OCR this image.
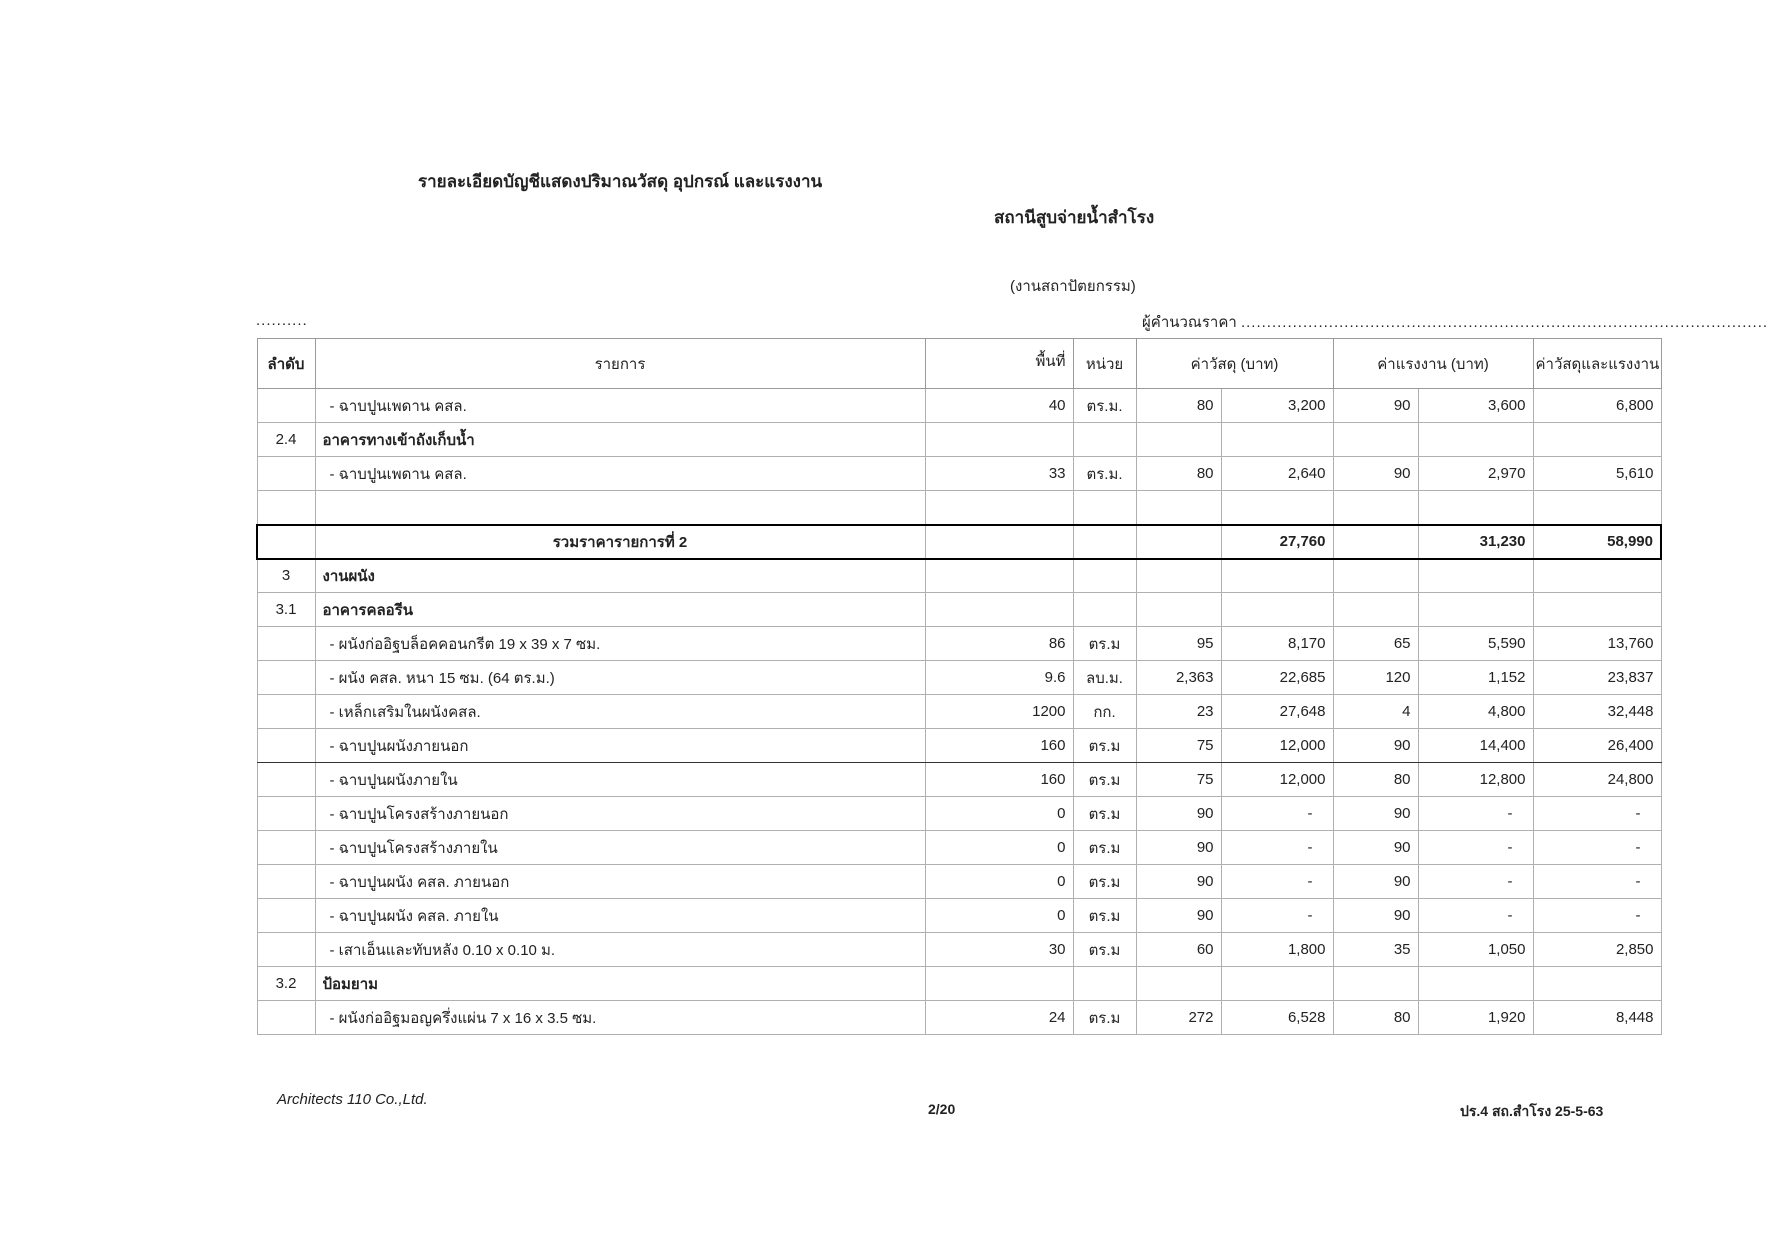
รายละเอียดบัญชีแสดงปริมาณวัสดุ อุปกรณ์ และแรงงาน
สถานีสูบจ่ายน้ำสำโรง
(งานสถาปัตยกรรม)
..........	ผู้คำนวณราคา ......................................................................................................
ลำดับ	รายการ	พื้นที่	หน่วย	ค่าวัสดุ (บาท)		ค่าแรงงาน (บาท)		ค่าวัสดุและแรงงาน
	- ฉาบปูนเพดาน คสล.	40	ตร.ม.	80	3,200	90	3,600	6,800
2.4	อาคารทางเข้าถังเก็บน้ำ							
	- ฉาบปูนเพดาน คสล.	33	ตร.ม.	80	2,640	90	2,970	5,610

	รวมราคารายการที่ 2				27,760		31,230	58,990
3	งานผนัง							
3.1	อาคารคลอรีน							
	- ผนังก่ออิฐบล็อคคอนกรีต 19 x 39 x 7 ซม.	86	ตร.ม	95	8,170	65	5,590	13,760
	- ผนัง คสล. หนา 15 ซม. (64 ตร.ม.)	9.6	ลบ.ม.	2,363	22,685	120	1,152	23,837
	- เหล็กเสริมในผนังคสล.	1200	กก.	23	27,648	4	4,800	32,448
	- ฉาบปูนผนังภายนอก	160	ตร.ม	75	12,000	90	14,400	26,400
	- ฉาบปูนผนังภายใน	160	ตร.ม	75	12,000	80	12,800	24,800
	- ฉาบปูนโครงสร้างภายนอก	0	ตร.ม	90	-	90	-	-
	- ฉาบปูนโครงสร้างภายใน	0	ตร.ม	90	-	90	-	-
	- ฉาบปูนผนัง คสล. ภายนอก	0	ตร.ม	90	-	90	-	-
	- ฉาบปูนผนัง คสล. ภายใน	0	ตร.ม	90	-	90	-	-
	- เสาเอ็นและทับหลัง 0.10 x 0.10 ม.	30	ตร.ม	60	1,800	35	1,050	2,850
3.2	ป้อมยาม							
	- ผนังก่ออิฐมอญครึ่งแผ่น 7 x 16 x 3.5 ซม.	24	ตร.ม	272	6,528	80	1,920	8,448
Architects 110 Co.,Ltd.
2/20	ปร.4 สถ.สำโรง 25-5-63
